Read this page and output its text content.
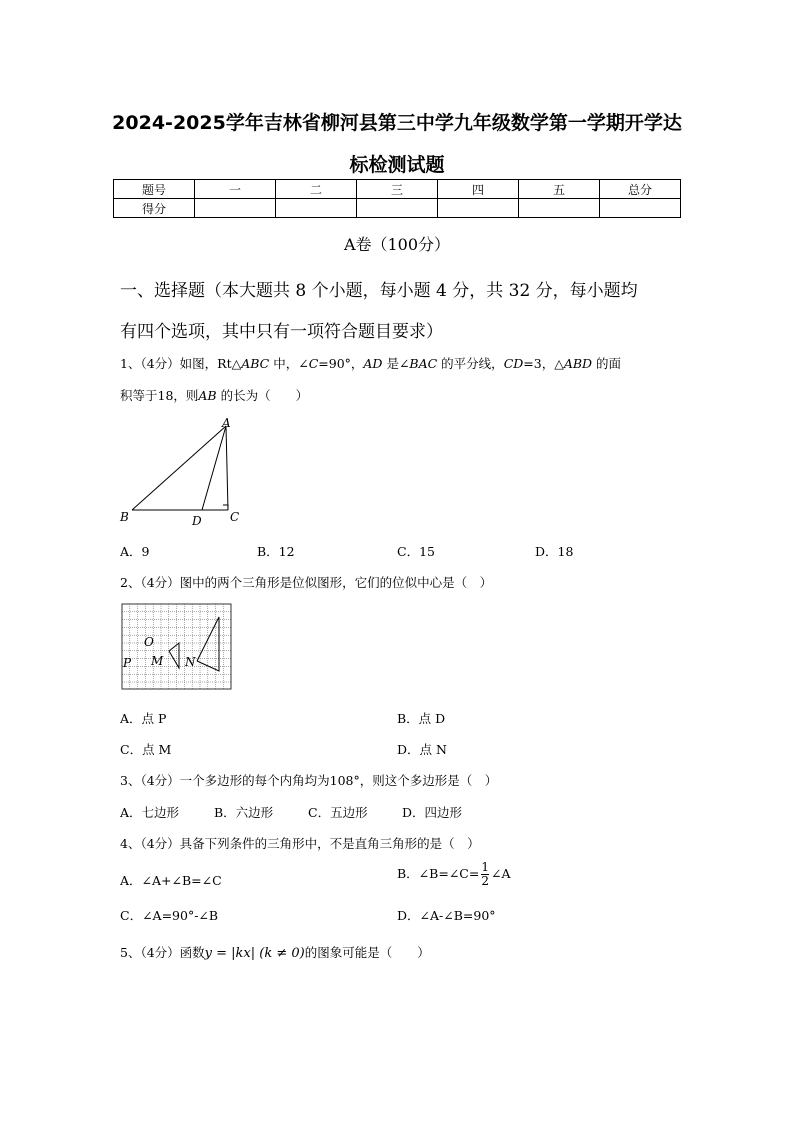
2024-2025学年吉林省柳河县第三中学九年级数学第一学期开学达
标检测试题
题号	一	二	三	四	五	总分
得分						
A卷（100分）
一、选择题（本大题共 8 个小题，每小题 4 分，共 32 分，每小题均
有四个选项，其中只有一项符合题目要求）
1、（4分）如图，Rt△ABC 中，∠C=90°，AD 是∠BAC 的平分线，CD=3，△ABD 的面
积等于18，则AB 的长为（　　）
A
B	D C
A．9	B．12	C．15	D．18
2、（4分）图中的两个三角形是位似图形，它们的位似中心是（　）
O
P M N
A．点 P	B．点 D
C．点 M	D．点 N
3、（4分）一个多边形的每个内角均为108°，则这个多边形是（　）
A．七边形	B．六边形	C．五边形	D．四边形
4、（4分）具备下列条件的三角形中，不是直角三角形的是（　）
A．∠A+∠B=∠C	B．∠B=∠C= $\frac{1}{2}$ ∠A
C．∠A=90°-∠B	D．∠A-∠B=90°
5、（4分）函数y = |kx| (k ≠ 0)的图象可能是（　　）
